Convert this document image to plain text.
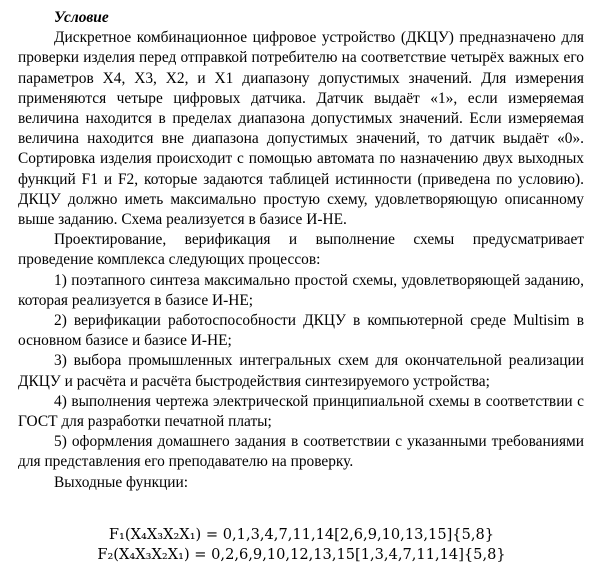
Условие

Дискретное комбинационное цифровое устройство (ДКЦУ) предназначено для проверки изделия перед отправкой потребителю на соответствие четырёх важных его параметров X4, X3, X2, и X1 диапазону допустимых значений. Для измерения применяются четыре цифровых датчика. Датчик выдаёт «1», если измеряемая величина находится в пределах диапазона допустимых значений. Если измеряемая величина находится вне диапазона допустимых значений, то датчик выдаёт «0». Сортировка изделия происходит с помощью автомата по назначению двух выходных функций F1 и F2, которые задаются таблицей истинности (приведена по условию). ДКЦУ должно иметь максимально простую схему, удовлетворяющую описанному выше заданию. Схема реализуется в базисе И-НЕ.

Проектирование, верификация и выполнение схемы предусматривает проведение комплекса следующих процессов:

1) поэтапного синтеза максимально простой схемы, удовлетворяющей заданию, которая реализуется в базисе И-НЕ;

2) верификации работоспособности ДКЦУ в компьютерной среде Multisim в основном базисе и базисе И-НЕ;

3) выбора промышленных интегральных схем для окончательной реализации ДКЦУ и расчёта и расчёта быстродействия синтезируемого устройства;

4) выполнения чертежа электрической принципиальной схемы в соответствии с ГОСТ для разработки печатной платы;

5) оформления домашнего задания в соответствии с указанными требованиями для представления его преподавателю на проверку.

Выходные функции:

F₁(X₄X₃X₂X₁) = 0,1,3,4,7,11,14[2,6,9,10,13,15]{5,8}
F₂(X₄X₃X₂X₁) = 0,2,6,9,10,12,13,15[1,3,4,7,11,14]{5,8}
